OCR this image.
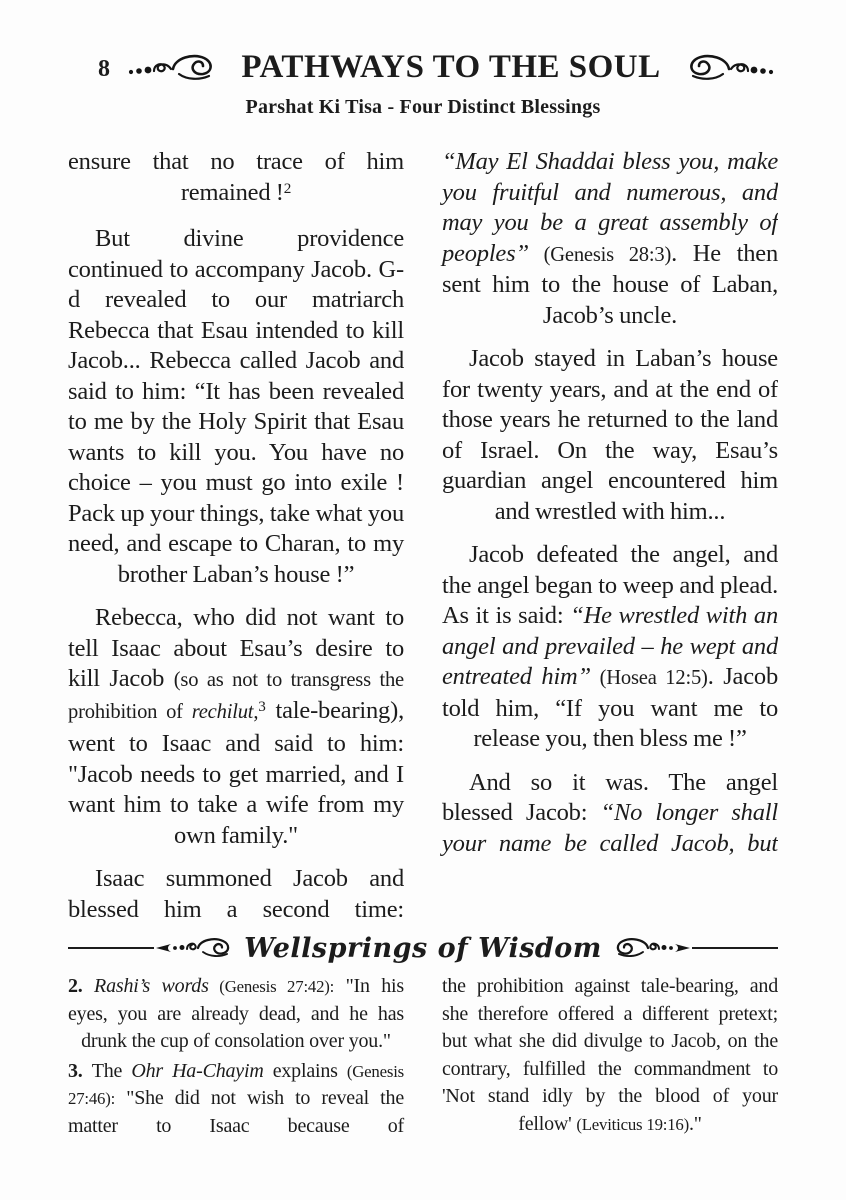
8	PATHWAYS TO THE SOUL
Parshat Ki Tisa - Four Distinct Blessings

ensure that no trace of him remained !$^2$

But divine providence continued to accompany Jacob. G-d revealed to our matriarch Rebecca that Esau intended to kill Jacob... Rebecca called Jacob and said to him: “It has been revealed to me by the Holy Spirit that Esau wants to kill you. You have no choice – you must go into exile ! Pack up your things, take what you need, and escape to Charan, to my brother Laban’s house !”

Rebecca, who did not want to tell Isaac about Esau’s desire to kill Jacob (so as not to transgress the prohibition of rechilut,$^3$ tale-bearing), went to Isaac and said to him: "Jacob needs to get married, and I want him to take a wife from my own family."

Isaac summoned Jacob and blessed him a second time:

“May El Shaddai bless you, make you fruitful and numerous, and may you be a great assembly of peoples” (Genesis 28:3). He then sent him to the house of Laban, Jacob’s uncle.

Jacob stayed in Laban’s house for twenty years, and at the end of those years he returned to the land of Israel. On the way, Esau’s guardian angel encountered him and wrestled with him...

Jacob defeated the angel, and the angel began to weep and plead. As it is said: “He wrestled with an angel and prevailed – he wept and entreated him” (Hosea 12:5). Jacob told him, “If you want me to release you, then bless me !”

And so it was. The angel blessed Jacob: “No longer shall your name be called Jacob, but

Wellsprings of Wisdom

2. Rashi’s words (Genesis 27:42): "In his eyes, you are already dead, and he has drunk the cup of consolation over you."

3. The Ohr Ha-Chayim explains (Genesis 27:46): "She did not wish to reveal the matter to Isaac because of

the prohibition against tale-bearing, and she therefore offered a different pretext; but what she did divulge to Jacob, on the contrary, fulfilled the commandment to 'Not stand idly by the blood of your fellow' (Leviticus 19:16)."
